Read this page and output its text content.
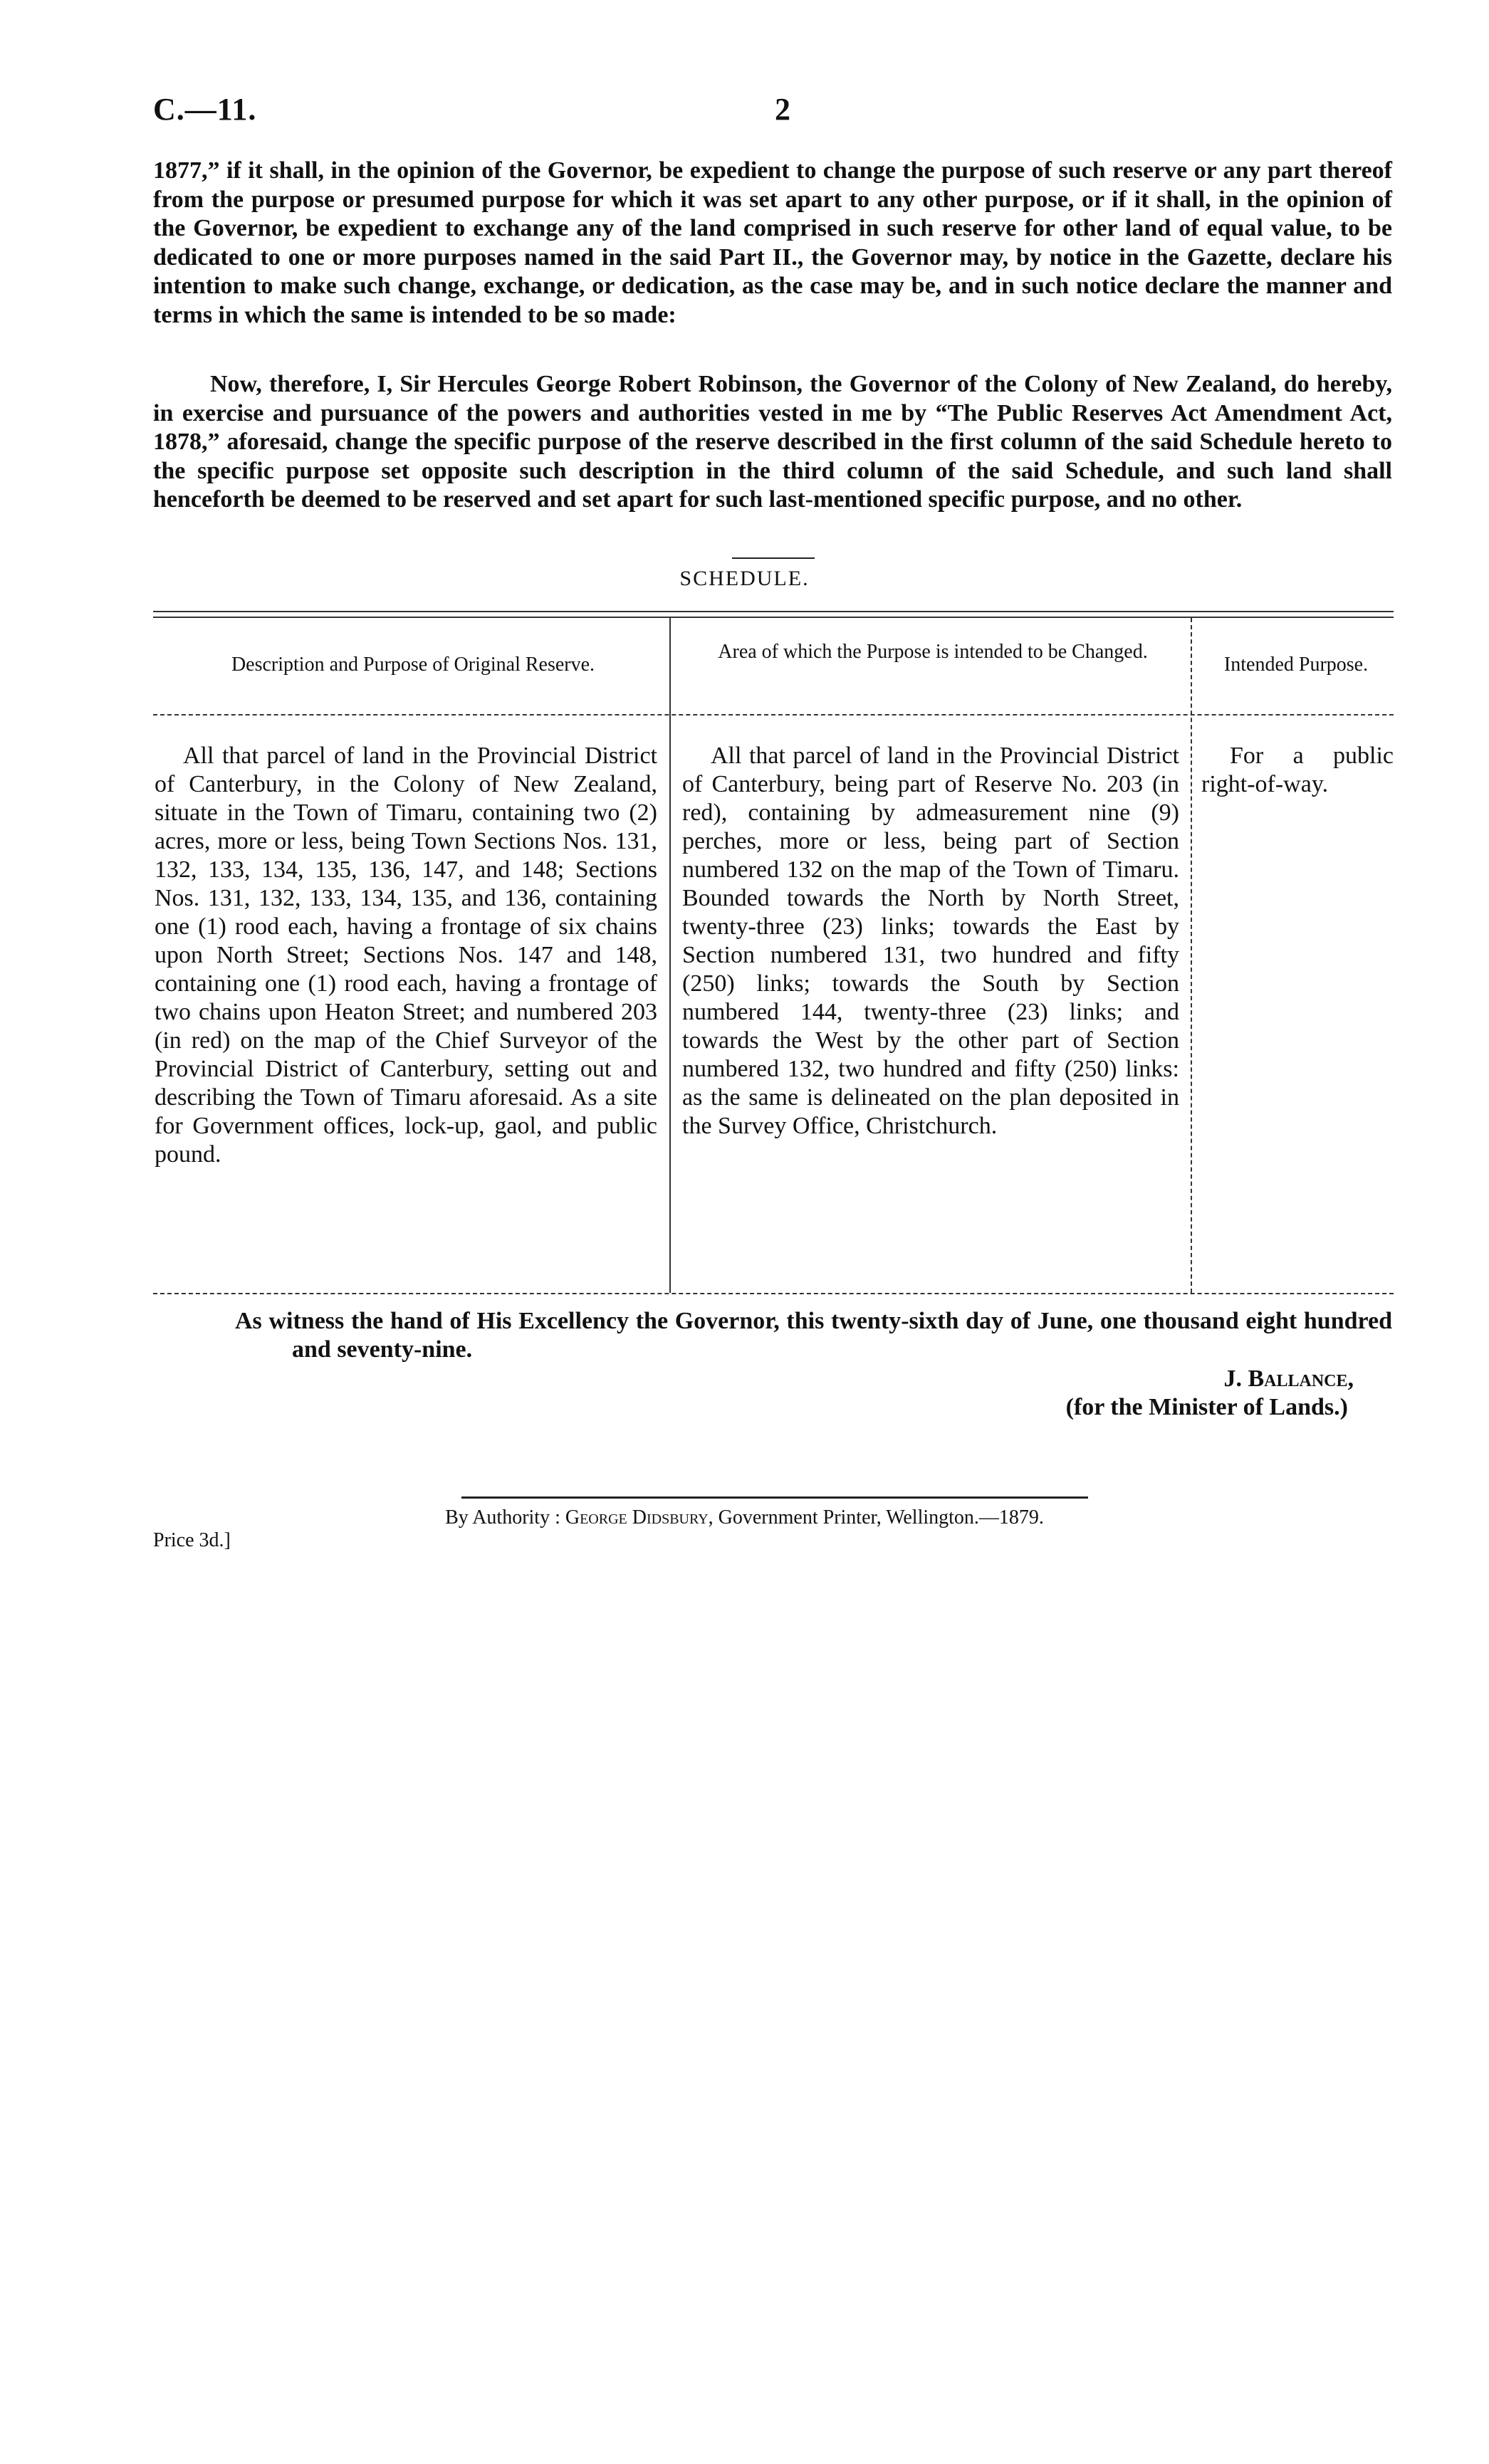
C.—11.	2
1877,” if it shall, in the opinion of the Governor, be expedient to change the purpose of such reserve or any part thereof from the purpose or presumed purpose for which it was set apart to any other purpose, or if it shall, in the opinion of the Governor, be expedient to exchange any of the land comprised in such reserve for other land of equal value, to be dedicated to one or more purposes named in the said Part II., the Governor may, by notice in the Gazette, declare his intention to make such change, exchange, or dedication, as the case may be, and in such notice declare the manner and terms in which the same is intended to be so made:
Now, therefore, I, Sir Hercules George Robert Robinson, the Governor of the Colony of New Zealand, do hereby, in exercise and pursuance of the powers and authorities vested in me by “The Public Reserves Act Amendment Act, 1878,” aforesaid, change the specific purpose of the reserve described in the first column of the said Schedule hereto to the specific purpose set opposite such description in the third column of the said Schedule, and such land shall henceforth be deemed to be reserved and set apart for such last-mentioned specific purpose, and no other.
SCHEDULE.
Description and Purpose of Original Reserve.
Area of which the Purpose is intended to be Changed.
Intended Purpose.
All that parcel of land in the Provincial District of Canterbury, in the Colony of New Zealand, situate in the Town of Timaru, containing two (2) acres, more or less, being Town Sections Nos. 131, 132, 133, 134, 135, 136, 147, and 148; Sections Nos. 131, 132, 133, 134, 135, and 136, containing one (1) rood each, having a frontage of six chains upon North Street; Sections Nos. 147 and 148, containing one (1) rood each, having a frontage of two chains upon Heaton Street; and numbered 203 (in red) on the map of the Chief Surveyor of the Provincial District of Canterbury, setting out and describing the Town of Timaru aforesaid. As a site for Government offices, lock-up, gaol, and public pound.
All that parcel of land in the Provincial District of Canterbury, being part of Reserve No. 203 (in red), containing by admeasurement nine (9) perches, more or less, being part of Section numbered 132 on the map of the Town of Timaru. Bounded towards the North by North Street, twenty-three (23) links; towards the East by Section numbered 131, two hundred and fifty (250) links; towards the South by Section numbered 144, twenty-three (23) links; and towards the West by the other part of Section numbered 132, two hundred and fifty (250) links: as the same is delineated on the plan deposited in the Survey Office, Christchurch.
For a public right-of-way.
As witness the hand of His Excellency the Governor, this twenty-sixth day of June, one thousand eight hundred and seventy-nine.
J. Ballance,
(for the Minister of Lands.)
By Authority : George Didsbury, Government Printer, Wellington.—1879.
Price 3d.]
